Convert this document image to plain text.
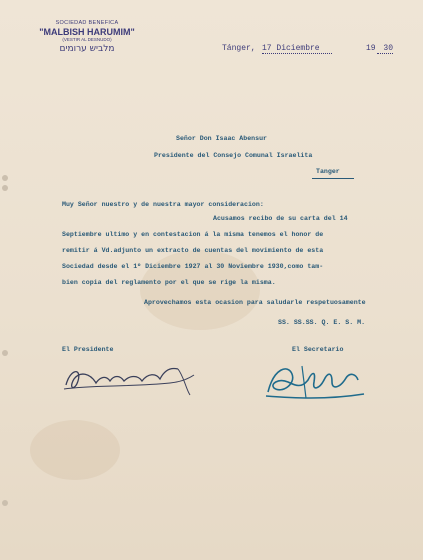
SOCIEDAD BENEFICA
"MALBISH HARUMIM"
(VESTIR AL DESNUDO)
מלביש ערומים	Tánger, 17 Diciembre	19 30
Señor Don Isaac Abensur
Presidente del Consejo Comunal Israelita
Tanger
Muy Señor nuestro y de nuestra mayor consideracion:
Acusamos recibo de su carta del 14
Septiembre ultimo y en contestacion á la misma tenemos el honor de
remitir á Vd.adjunto un extracto de cuentas del movimiento de esta
Sociedad desde el 1º Diciembre 1927 al 30 Noviembre 1930,como tam-
bien copia del reglamento por el que se rige la misma.
Aprovechamos esta ocasion para saludarle respetuosamente
SS. SS.SS. Q. E. S. M.
El Presidente	El Secretario
